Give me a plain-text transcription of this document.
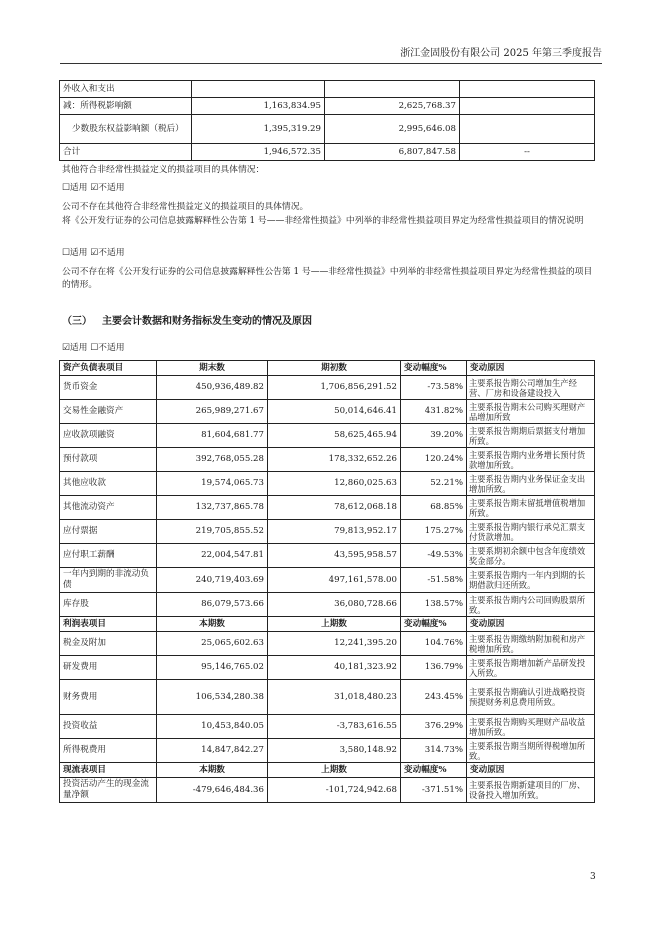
浙江金固股份有限公司 2025 年第三季度报告
外收入和支出			
减：所得税影响额	1,163,834.95	2,625,768.37	
少数股东权益影响额（税后）	1,395,319.29	2,995,646.08	
合计	1,946,572.35	6,807,847.58	--

其他符合非经常性损益定义的损益项目的具体情况：

☐适用 ☑不适用

公司不存在其他符合非经常性损益定义的损益项目的具体情况。

将《公开发行证券的公司信息披露解释性公告第 1 号——非经常性损益》中列举的非经常性损益项目界定为经常性损益项目的情况说明

☐适用 ☑不适用

公司不存在将《公开发行证券的公司信息披露解释性公告第 1 号——非经常性损益》中列举的非经常性损益项目界定为经常性损益的项目的情形。

（三） 主要会计数据和财务指标发生变动的情况及原因

☑适用 ☐不适用

资产负债表项目	期末数	期初数	变动幅度%	变动原因
货币资金	450,936,489.82	1,706,856,291.52	-73.58%	主要系报告期公司增加生产经营、厂房和设备建设投入
交易性金融资产	265,989,271.67	50,014,646.41	431.82%	主要系报告期末公司购买理财产品增加所致
应收款项融资	81,604,681.77	58,625,465.94	39.20%	主要系报告期期后票据支付增加所致。
预付款项	392,768,055.28	178,332,652.26	120.24%	主要系报告期内业务增长预付货款增加所致。
其他应收款	19,574,065.73	12,860,025.63	52.21%	主要系报告期内业务保证金支出增加所致。
其他流动资产	132,737,865.78	78,612,068.18	68.85%	主要系报告期末留抵增值税增加所致。
应付票据	219,705,855.52	79,813,952.17	175.27%	主要系报告期内银行承兑汇票支付货款增加。
应付职工薪酬	22,004,547.81	43,595,958.57	-49.53%	主要系期初余额中包含年度绩效奖金部分。
一年内到期的非流动负债	240,719,403.69	497,161,578.00	-51.58%	主要系报告期内一年内到期的长期借款归还所致。
库存股	86,079,573.66	36,080,728.66	138.57%	主要系报告期内公司回购股票所致。
利润表项目	本期数	上期数	变动幅度%	变动原因
税金及附加	25,065,602.63	12,241,395.20	104.76%	主要系报告期缴纳附加税和房产税增加所致。
研发费用	95,146,765.02	40,181,323.92	136.79%	主要系报告期增加新产品研发投入所致。
财务费用	106,534,280.38	31,018,480.23	243.45%	主要系报告期确认引进战略投资预提财务利息费用所致。
投资收益	10,453,840.05	-3,783,616.55	376.29%	主要系报告期购买理财产品收益增加所致。
所得税费用	14,847,842.27	3,580,148.92	314.73%	主要系报告期当期所得税增加所致。
现流表项目	本期数	上期数	变动幅度%	变动原因
投资活动产生的现金流量净额	-479,646,484.36	-101,724,942.68	-371.51%	主要系报告期新建项目的厂房、设备投入增加所致。
3
